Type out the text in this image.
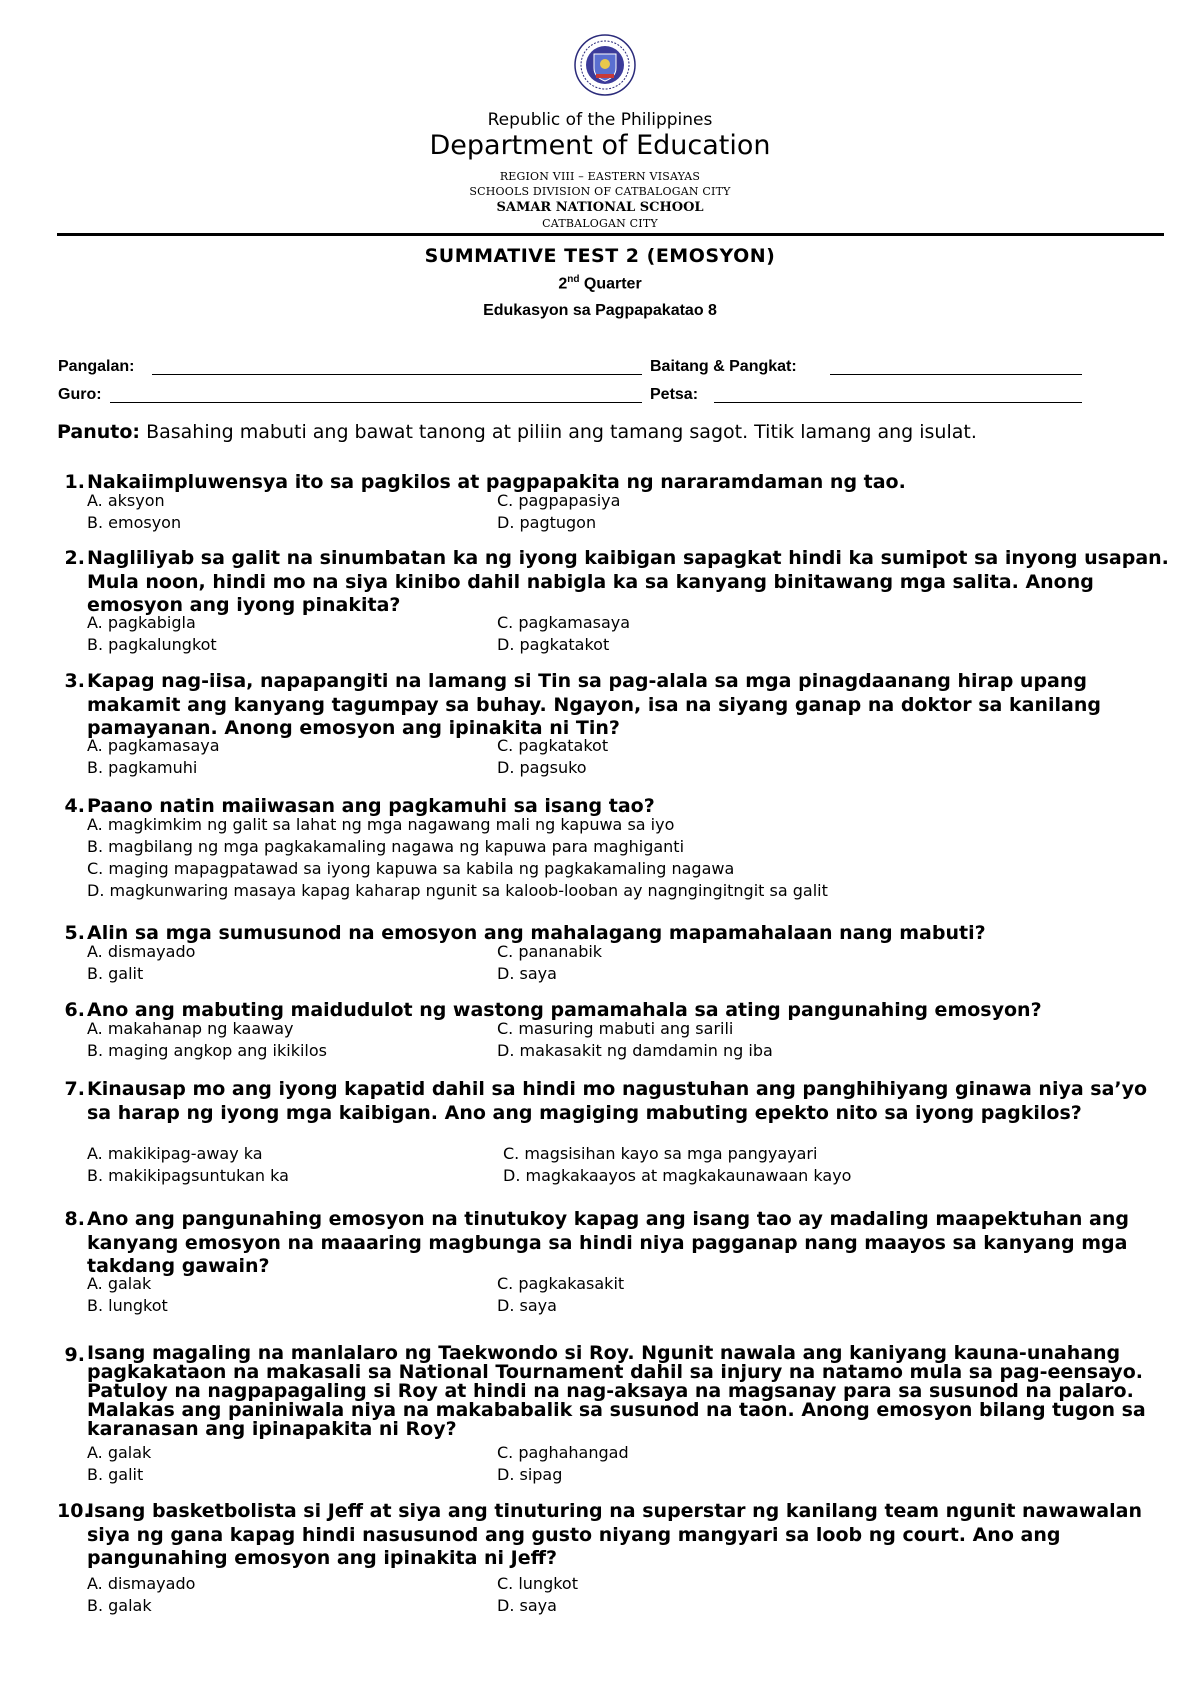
Republic of the Philippines
Department of Education
REGION VIII – EASTERN VISAYAS
SCHOOLS DIVISION OF CATBALOGAN CITY
SAMAR NATIONAL SCHOOL
CATBALOGAN CITY
SUMMATIVE TEST 2 (EMOSYON)
2nd Quarter
Edukasyon sa Pagpapakatao 8
Pangalan:	Baitang & Pangkat:
Guro:	Petsa:
Panuto: Basahing mabuti ang bawat tanong at piliin ang tamang sagot. Titik lamang ang isulat.
1. Nakaiimpluwensya ito sa pagkilos at pagpapakita ng nararamdaman ng tao.
A. aksyon	C. pagpapasiya
B. emosyon	D. pagtugon
2. Nagliliyab sa galit na sinumbatan ka ng iyong kaibigan sapagkat hindi ka sumipot sa inyong usapan. Mula noon, hindi mo na siya kinibo dahil nabigla ka sa kanyang binitawang mga salita. Anong emosyon ang iyong pinakita?
A. pagkabigla	C. pagkamasaya
B. pagkalungkot	D. pagkatakot
3. Kapag nag-iisa, napapangiti na lamang si Tin sa pag-alala sa mga pinagdaanang hirap upang makamit ang kanyang tagumpay sa buhay. Ngayon, isa na siyang ganap na doktor sa kanilang pamayanan. Anong emosyon ang ipinakita ni Tin?
A. pagkamasaya	C. pagkatakot
B. pagkamuhi	D. pagsuko
4. Paano natin maiiwasan ang pagkamuhi sa isang tao?
A. magkimkim ng galit sa lahat ng mga nagawang mali ng kapuwa sa iyo
B. magbilang ng mga pagkakamaling nagawa ng kapuwa para maghiganti
C. maging mapagpatawad sa iyong kapuwa sa kabila ng pagkakamaling nagawa
D. magkunwaring masaya kapag kaharap ngunit sa kaloob-looban ay nagngingitngit sa galit
5. Alin sa mga sumusunod na emosyon ang mahalagang mapamahalaan nang mabuti?
A. dismayado	C. pananabik
B. galit	D. saya
6. Ano ang mabuting maidudulot ng wastong pamamahala sa ating pangunahing emosyon?
A. makahanap ng kaaway	C. masuring mabuti ang sarili
B. maging angkop ang ikikilos	D. makasakit ng damdamin ng iba
7. Kinausap mo ang iyong kapatid dahil sa hindi mo nagustuhan ang panghihiyang ginawa niya sa’yo sa harap ng iyong mga kaibigan. Ano ang magiging mabuting epekto nito sa iyong pagkilos?
A. makikipag-away ka	C. magsisihan kayo sa mga pangyayari
B. makikipagsuntukan ka	D. magkakaayos at magkakaunawaan kayo
8. Ano ang pangunahing emosyon na tinutukoy kapag ang isang tao ay madaling maapektuhan ang kanyang emosyon na maaaring magbunga sa hindi niya pagganap nang maayos sa kanyang mga takdang gawain?
A. galak	C. pagkakasakit
B. lungkot	D. saya
9. Isang magaling na manlalaro ng Taekwondo si Roy. Ngunit nawala ang kaniyang kauna-unahang pagkakataon na makasali sa National Tournament dahil sa injury na natamo mula sa pag-eensayo. Patuloy na nagpapagaling si Roy at hindi na nag-aksaya na magsanay para sa susunod na palaro. Malakas ang paniniwala niya na makababalik sa susunod na taon. Anong emosyon bilang tugon sa karanasan ang ipinapakita ni Roy?
A. galak	C. paghahangad
B. galit	D. sipag
10.
Isang basketbolista si Jeff at siya ang tinuturing na superstar ng kanilang team ngunit nawawalan siya ng gana kapag hindi nasusunod ang gusto niyang mangyari sa loob ng court. Ano ang pangunahing emosyon ang ipinakita ni Jeff?
A. dismayado	C. lungkot
B. galak	D. saya
